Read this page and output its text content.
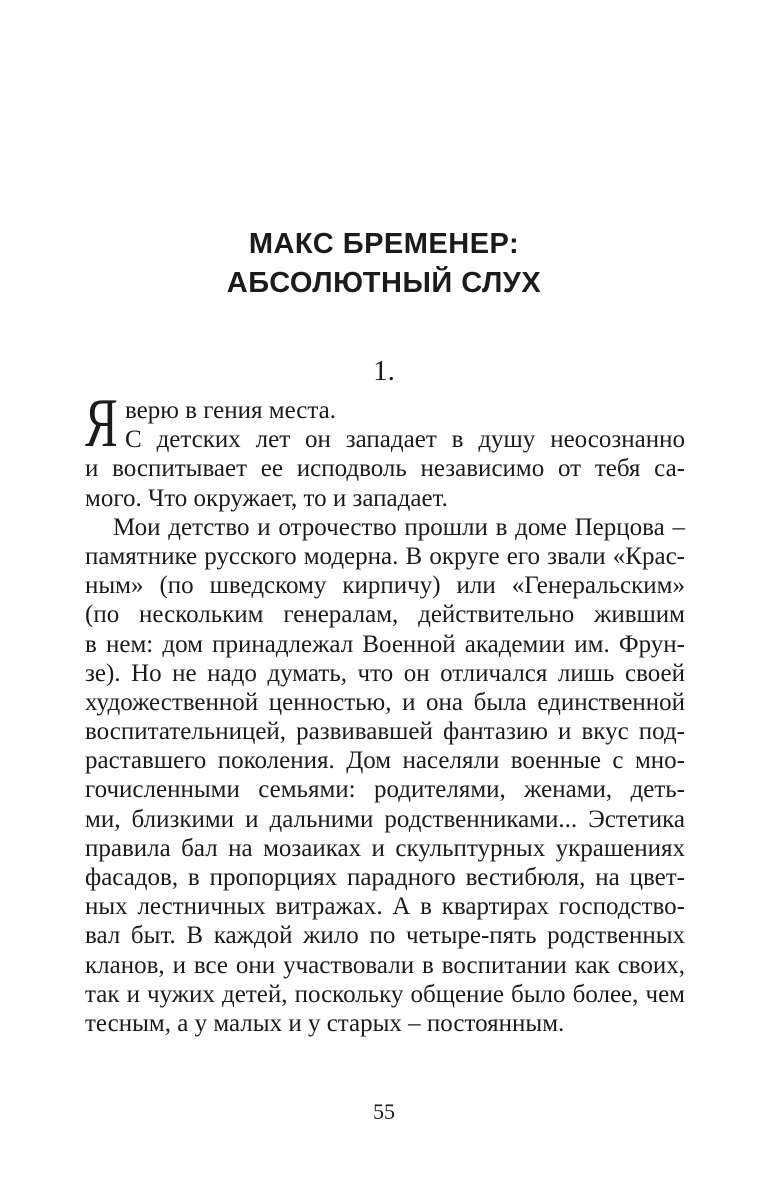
МАКС БРЕМЕНЕР:
АБСОЛЮТНЫЙ СЛУХ
1.
Я верю в гения места.
С детских лет он западает в душу неосознанно
и воспитывает ее исподволь независимо от тебя са-
мого. Что окружает, то и западает.
Мои детство и отрочество прошли в доме Перцова –
памятнике русского модерна. В округе его звали «Крас-
ным» (по шведскому кирпичу) или «Генеральским»
(по нескольким генералам, действительно жившим
в нем: дом принадлежал Военной академии им. Фрун-
зе). Но не надо думать, что он отличался лишь своей
художественной ценностью, и она была единственной
воспитательницей, развивавшей фантазию и вкус под-
раставшего поколения. Дом населяли военные с мно-
гочисленными семьями: родителями, женами, деть-
ми, близкими и дальними родственниками... Эстетика
правила бал на мозаиках и скульптурных украшениях
фасадов, в пропорциях парадного вестибюля, на цвет-
ных лестничных витражах. А в квартирах господство-
вал быт. В каждой жило по четыре-пять родственных
кланов, и все они участвовали в воспитании как своих,
так и чужих детей, поскольку общение было более, чем
тесным, а у малых и у старых – постоянным.
55
